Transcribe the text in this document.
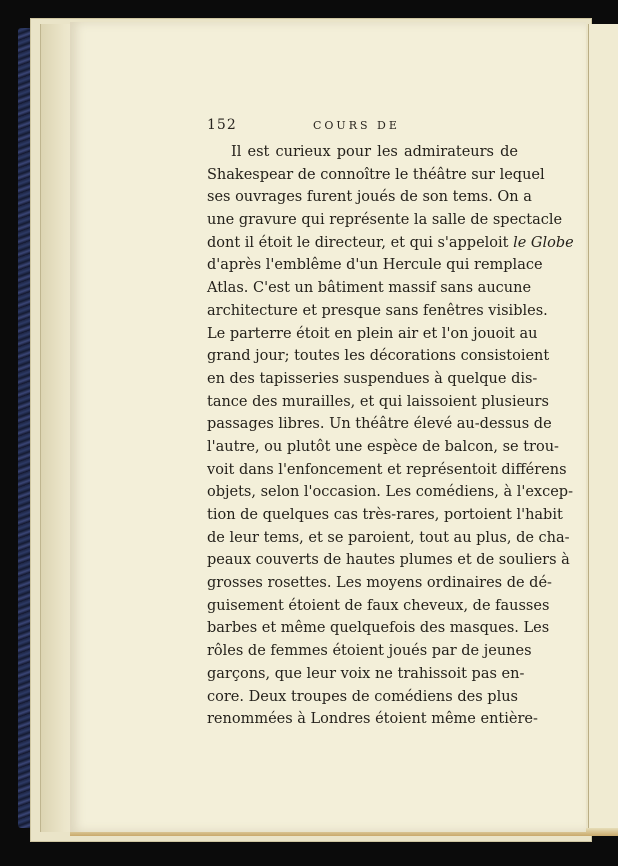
152	COURS DE
Il est curieux pour les admirateurs de
Shakespear de connoître le théâtre sur lequel
ses ouvrages furent joués de son tems. On a
une gravure qui représente la salle de spectacle
dont il étoit le directeur, et qui s'appeloit le Globe
d'après l'emblême d'un Hercule qui remplace
Atlas. C'est un bâtiment massif sans aucune
architecture et presque sans fenêtres visibles.
Le parterre étoit en plein air et l'on jouoit au
grand jour; toutes les décorations consistoient
en des tapisseries suspendues à quelque dis-
tance des murailles, et qui laissoient plusieurs
passages libres. Un théâtre élevé au-dessus de
l'autre, ou plutôt une espèce de balcon, se trou-
voit dans l'enfoncement et représentoit différens
objets, selon l'occasion. Les comédiens, à l'excep-
tion de quelques cas très-rares, portoient l'habit
de leur tems, et se paroient, tout au plus, de cha-
peaux couverts de hautes plumes et de souliers à
grosses rosettes. Les moyens ordinaires de dé-
guisement étoient de faux cheveux, de fausses
barbes et même quelquefois des masques. Les
rôles de femmes étoient joués par de jeunes
garçons, que leur voix ne trahissoit pas en-
core. Deux troupes de comédiens des plus
renommées à Londres étoient même entière-
